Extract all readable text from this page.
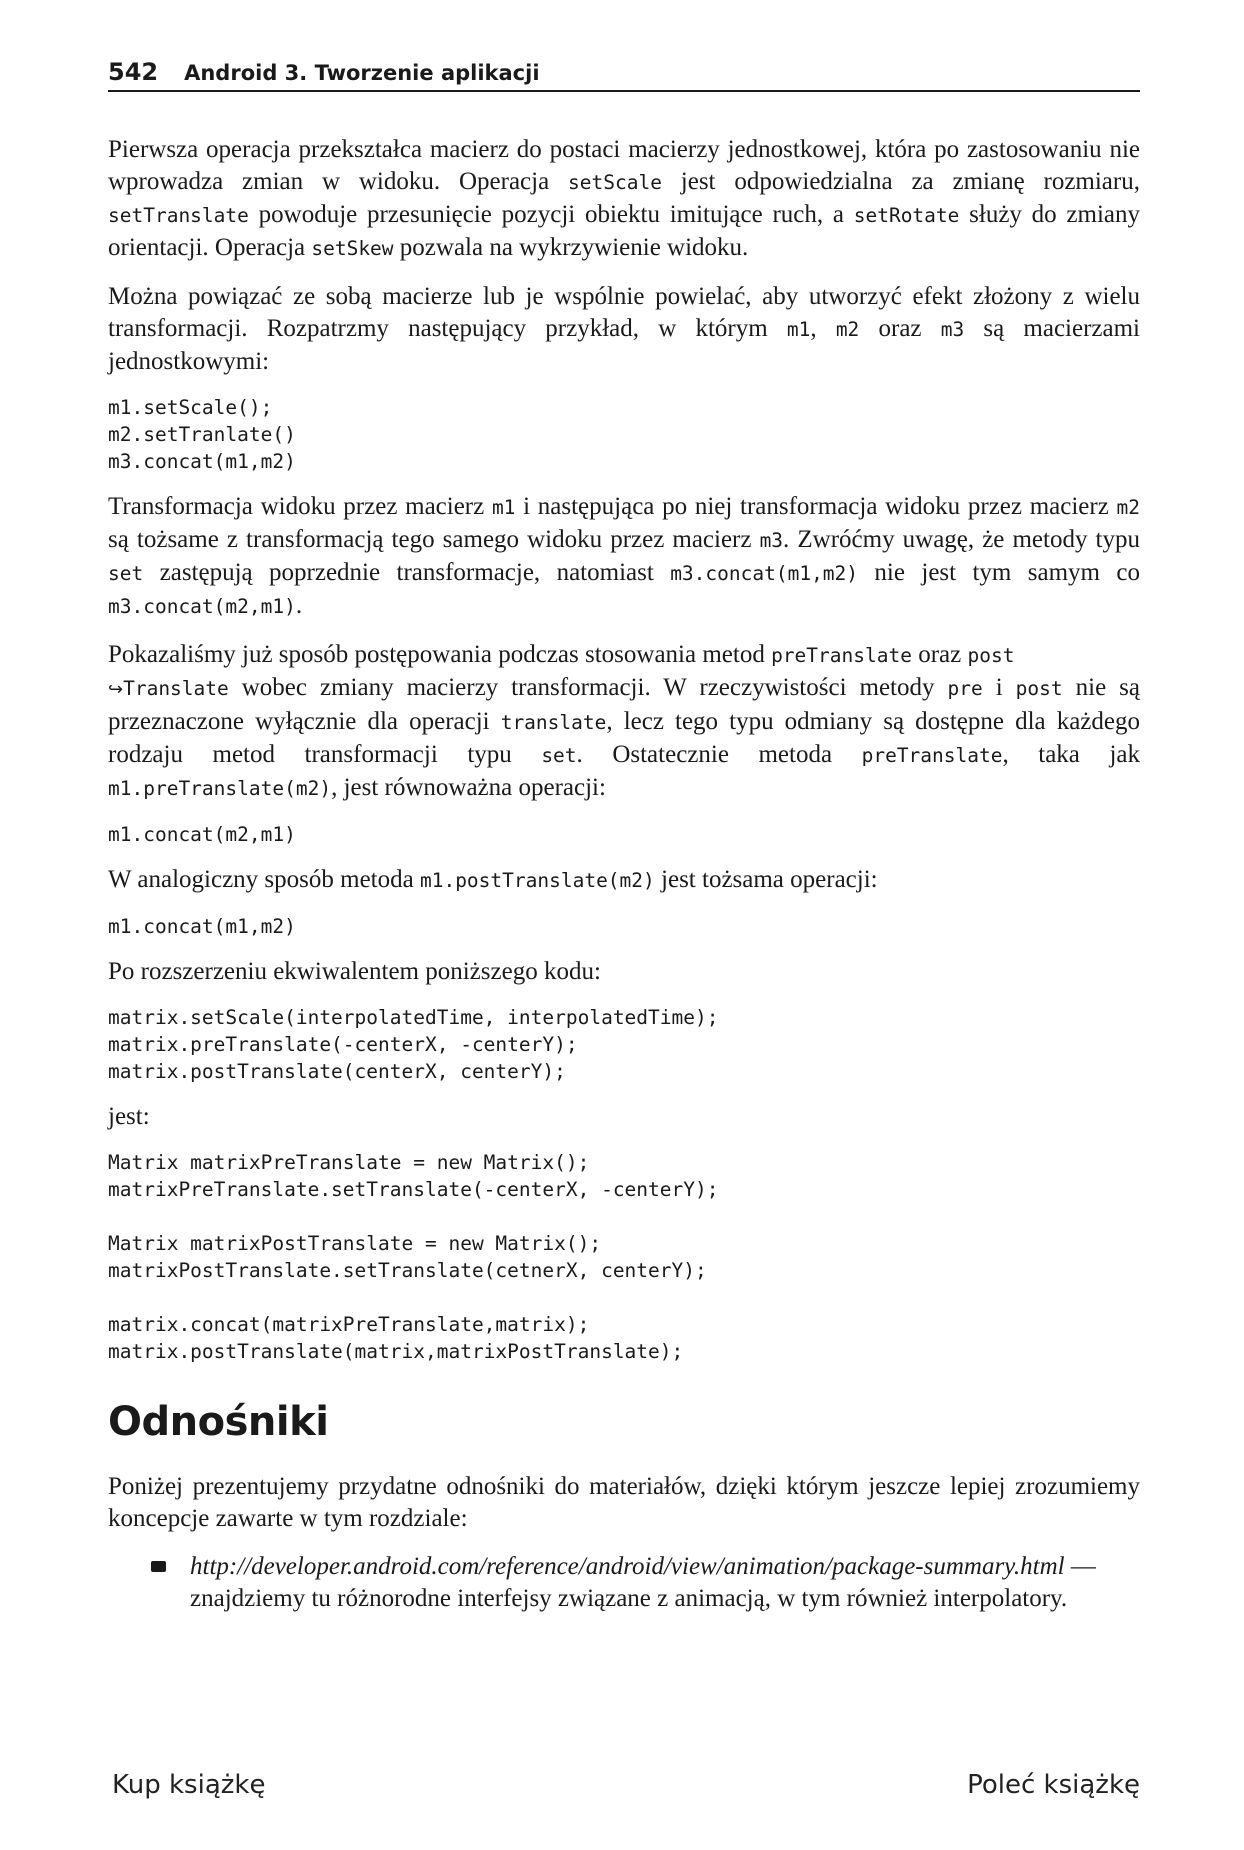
542 Android 3. Tworzenie aplikacji

Pierwsza operacja przekształca macierz do postaci macierzy jednostkowej, która po zastosowaniu nie wprowadza zmian w widoku. Operacja setScale jest odpowiedzialna za zmianę rozmiaru, setTranslate powoduje przesunięcie pozycji obiektu imitujące ruch, a setRotate służy do zmiany orientacji. Operacja setSkew pozwala na wykrzywienie widoku.

Można powiązać ze sobą macierze lub je wspólnie powielać, aby utworzyć efekt złożony z wielu transformacji. Rozpatrzmy następujący przykład, w którym m1, m2 oraz m3 są macierzami jednostkowymi:

m1.setScale();
m2.setTranlate()
m3.concat(m1,m2)

Transformacja widoku przez macierz m1 i następująca po niej transformacja widoku przez macierz m2 są tożsame z transformacją tego samego widoku przez macierz m3. Zwróćmy uwagę, że metody typu set zastępują poprzednie transformacje, natomiast m3.concat(m1,m2) nie jest tym samym co m3.concat(m2,m1).

Pokazaliśmy już sposób postępowania podczas stosowania metod preTranslate oraz post
↪Translate wobec zmiany macierzy transformacji. W rzeczywistości metody pre i post nie są przeznaczone wyłącznie dla operacji translate, lecz tego typu odmiany są dostępne dla każdego rodzaju metod transformacji typu set. Ostatecznie metoda preTranslate, taka jak m1.preTranslate(m2), jest równoważna operacji:

m1.concat(m2,m1)

W analogiczny sposób metoda m1.postTranslate(m2) jest tożsama operacji:

m1.concat(m1,m2)

Po rozszerzeniu ekwiwalentem poniższego kodu:

matrix.setScale(interpolatedTime, interpolatedTime);
matrix.preTranslate(-centerX, -centerY);
matrix.postTranslate(centerX, centerY);

jest:

Matrix matrixPreTranslate = new Matrix();
matrixPreTranslate.setTranslate(-centerX, -centerY);
Matrix matrixPostTranslate = new Matrix();
matrixPostTranslate.setTranslate(cetnerX, centerY);
matrix.concat(matrixPreTranslate,matrix);
matrix.postTranslate(matrix,matrixPostTranslate);
Odnośniki

Poniżej prezentujemy przydatne odnośniki do materiałów, dzięki którym jeszcze lepiej zrozumiemy koncepcje zawarte w tym rozdziale:

http://developer.android.com/reference/android/view/animation/package-summary.html — znajdziemy tu różnorodne interfejsy związane z animacją, w tym również interpolatory.
Kup książkę	Poleć książkę
